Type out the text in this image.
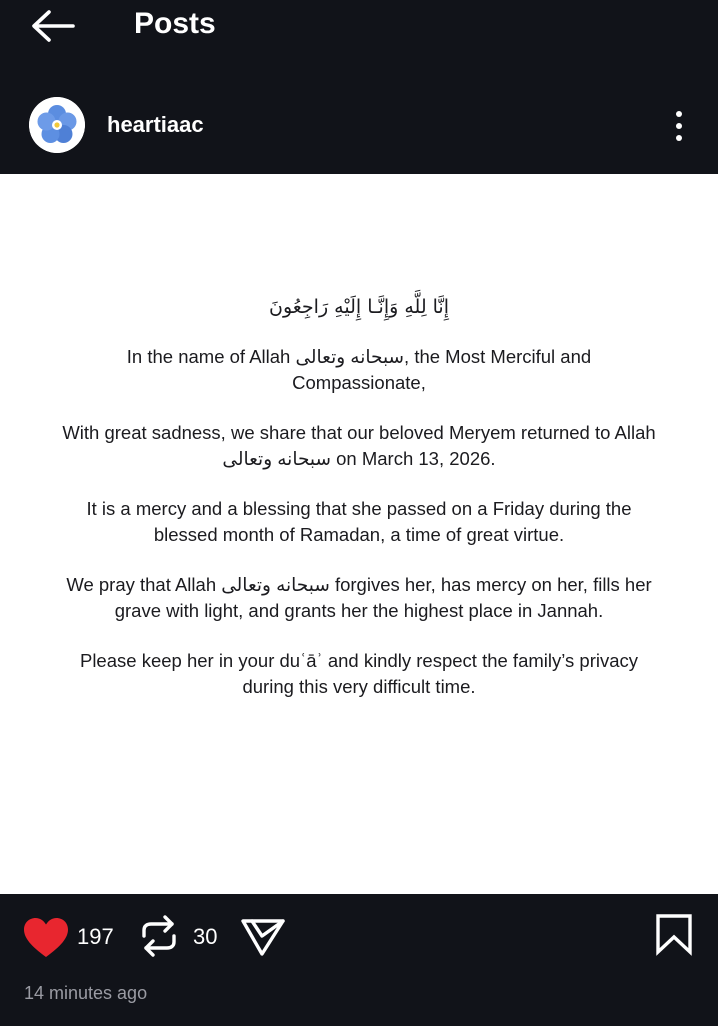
Posts
heartiaac
إِنَّا لِلَّهِ وَإِنَّـا إِلَيْهِ رَاجِعُونَ

In the name of Allah سبحانه وتعالى, the Most Merciful and Compassionate,

With great sadness, we share that our beloved Meryem returned to Allah سبحانه وتعالى on March 13, 2026.

It is a mercy and a blessing that she passed on a Friday during the blessed month of Ramadan, a time of great virtue.

We pray that Allah سبحانه وتعالى forgives her, has mercy on her, fills her grave with light, and grants her the highest place in Jannah.

Please keep her in your duʿāʾ and kindly respect the family’s privacy during this very difficult time.

197	30
14 minutes ago
